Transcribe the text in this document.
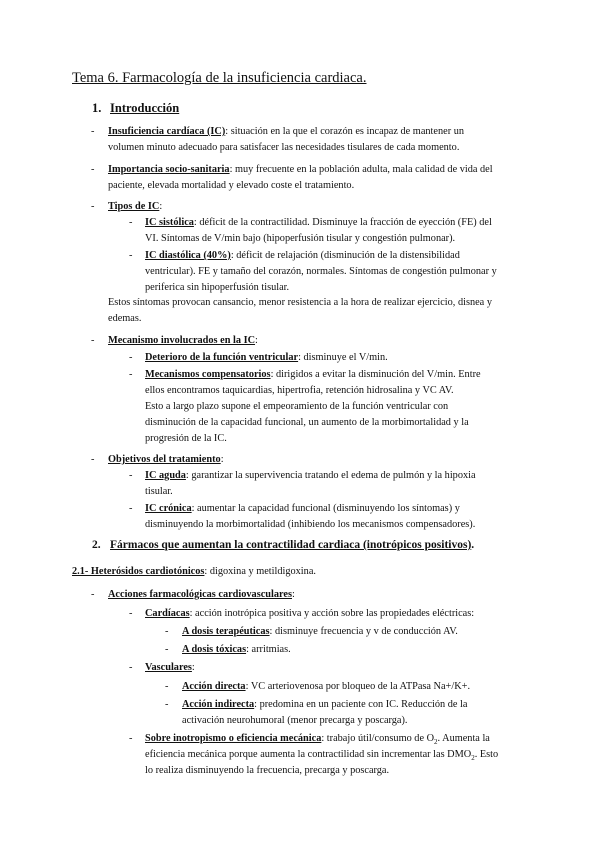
Tema 6. Farmacología de la insuficiencia cardiaca.
1. Introducción
-	Insuficiencia cardíaca (IC): situación en la que el corazón es incapaz de mantener un
volumen minuto adecuado para satisfacer las necesidades tisulares de cada momento.
-	Importancia socio-sanitaria: muy frecuente en la población adulta, mala calidad de vida del
paciente, elevada mortalidad y elevado coste el tratamiento.
-	Tipos de IC:
-	IC sistólica: déficit de la contractilidad. Disminuye la fracción de eyección (FE) del
VI. Síntomas de V/min bajo (hipoperfusión tisular y congestión pulmonar).
-	IC diastólica (40%): déficit de relajación (disminución de la distensibilidad
ventricular). FE y tamaño del corazón, normales. Síntomas de congestión pulmonar y
periferica sin hipoperfusión tisular.
Estos síntomas provocan cansancio, menor resistencia a la hora de realizar ejercicio, disnea y
edemas.
-	Mecanismo involucrados en la IC:
-	Deterioro de la función ventricular: disminuye el V/min.
-	Mecanismos compensatorios: dirigidos a evitar la disminución del V/min. Entre
ellos encontramos taquicardias, hipertrofia, retención hidrosalina y VC AV.
Esto a largo plazo supone el empeoramiento de la función ventricular con
disminución de la capacidad funcional, un aumento de la morbimortalidad y la
progresión de la IC.
-	Objetivos del tratamiento:
-	IC aguda: garantizar la supervivencia tratando el edema de pulmón y la hipoxia
tisular.
-	IC crónica: aumentar la capacidad funcional (disminuyendo los síntomas) y
disminuyendo la morbimortalidad (inhibiendo los mecanismos compensadores).
2. Fármacos que aumentan la contractilidad cardiaca (inotrópicos positivos).
2.1- Heterósidos cardiotónicos: digoxina y metildigoxina.
-	Acciones farmacológicas cardiovasculares:
-	Cardíacas: acción inotrópica positiva y acción sobre las propiedades eléctricas:
-	A dosis terapéuticas: disminuye frecuencia y v de conducción AV.
-	A dosis tóxicas: arritmias.
-	Vasculares:
-	Acción directa: VC arteriovenosa por bloqueo de la ATPasa Na+/K+.
-	Acción indirecta: predomina en un paciente con IC. Reducción de la
activación neurohumoral (menor precarga y poscarga).
-	Sobre inotropismo o eficiencia mecánica: trabajo útil/consumo de $O_2$. Aumenta la
eficiencia mecánica porque aumenta la contractilidad sin incrementar las $DMO_2$. Esto
lo realiza disminuyendo la frecuencia, precarga y poscarga.
